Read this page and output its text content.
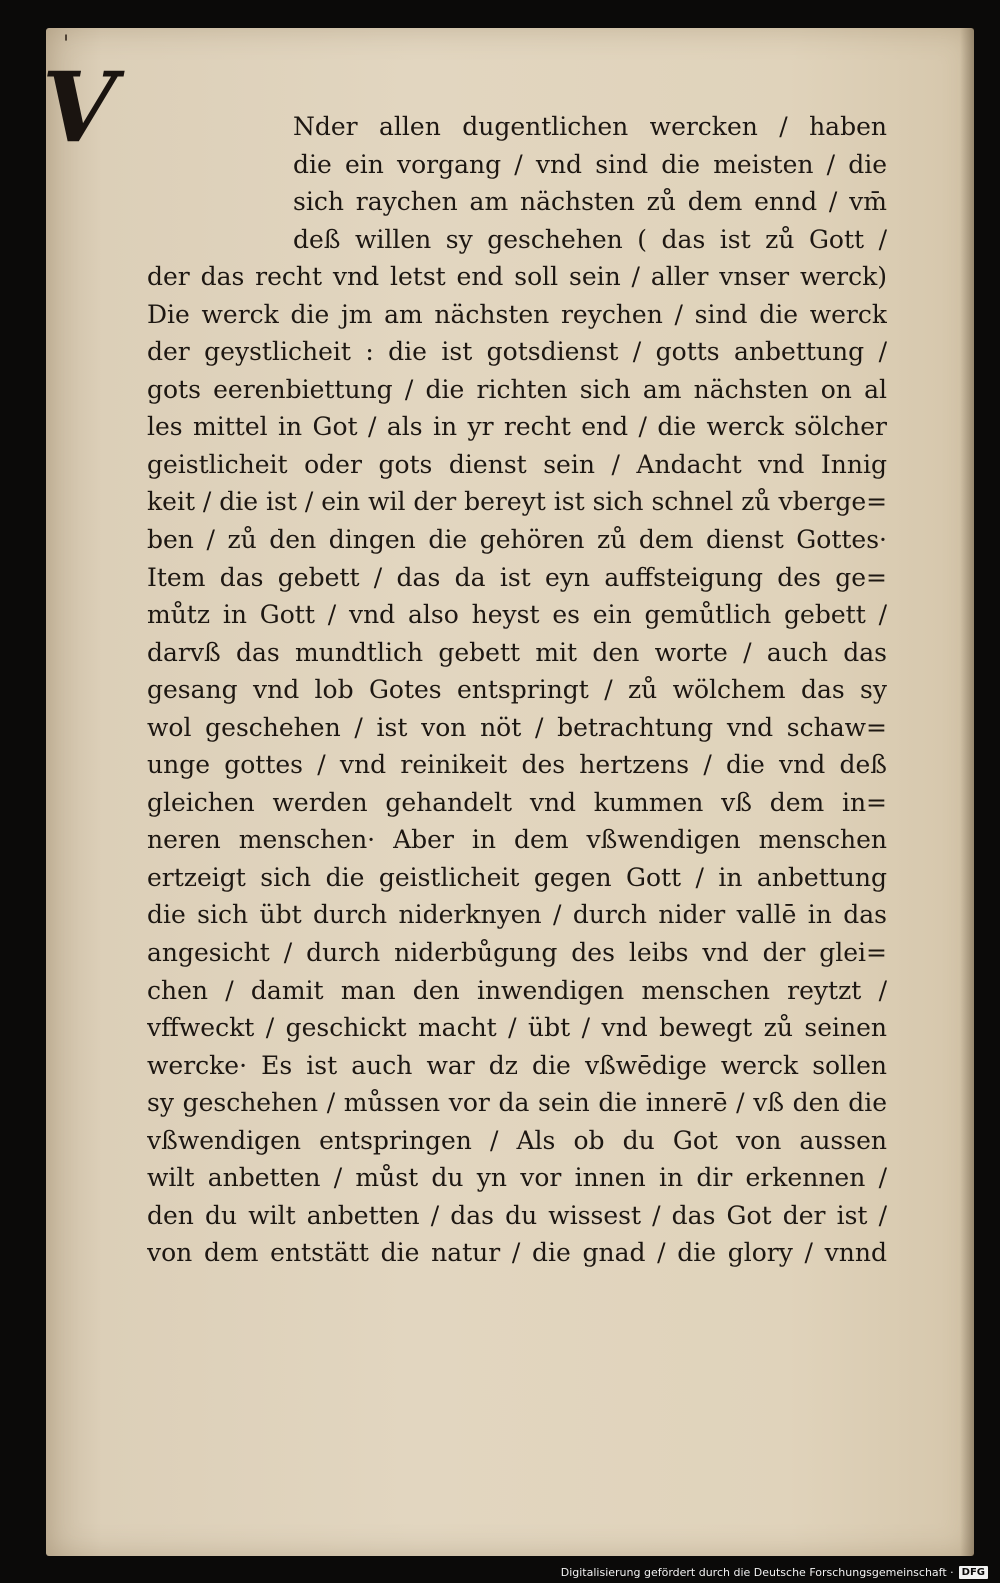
'
V	Nder allen dugentlichen wercken / haben
die ein vorgang / vnd sind die meisten / die
sich raychen am nächsten zů dem ennd / vm̄
deß willen sy geschehen ( das ist zů Gott /
der das recht vnd letst end soll sein / aller vnser werck)
Die werck die jm am nächsten reychen / sind die werck
der geystlicheit : die ist gotsdienst / gotts anbettung /
gots eerenbiettung / die richten sich am nächsten on al
les mittel in Got / als in yr recht end / die werck sölcher
geistlicheit oder gots dienst sein / Andacht vnd Innig
keit / die ist / ein wil der bereyt ist sich schnel zů vberge=
ben / zů den dingen die gehören zů dem dienst Gottes·
Item das gebett / das da ist eyn auffsteigung des ge=
můtz in Gott / vnd also heyst es ein gemůtlich gebett /
darvß das mundtlich gebett mit den worte / auch das
gesang vnd lob Gotes entspringt / zů wölchem das sy
wol geschehen / ist von nöt / betrachtung vnd schaw=
unge gottes / vnd reinikeit des hertzens / die vnd deß
gleichen werden gehandelt vnd kummen vß dem in=
neren menschen· Aber in dem vßwendigen menschen
ertzeigt sich die geistlicheit gegen Gott / in anbettung
die sich übt durch niderknyen / durch nider vallē in das
angesicht / durch niderbůgung des leibs vnd der glei=
chen / damit man den inwendigen menschen reytzt /
vffweckt / geschickt macht / übt / vnd bewegt zů seinen
wercke· Es ist auch war dz die vßwēdige werck sollen
sy geschehen / můssen vor da sein die innerē / vß den die
vßwendigen entspringen / Als ob du Got von aussen
wilt anbetten / můst du yn vor innen in dir erkennen /
den du wilt anbetten / das du wissest / das Got der ist /
von dem entstätt die natur / die gnad / die glory / vnnd
Digitalisierung gefördert durch die Deutsche Forschungsgemeinschaft · DFG
